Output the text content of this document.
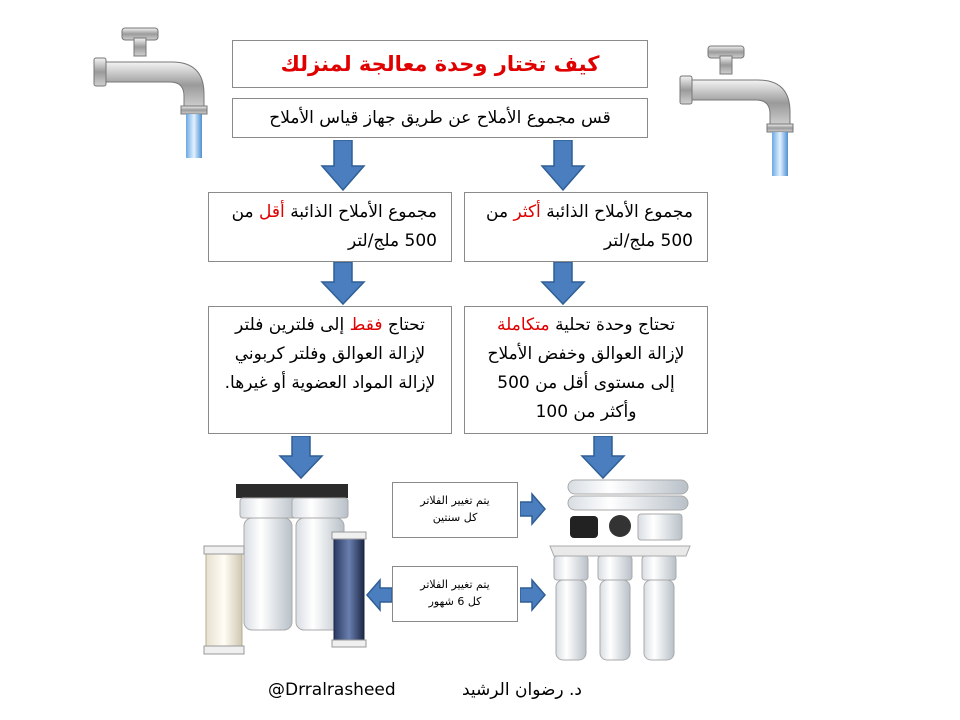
كيف تختار وحدة معالجة لمنزلك
قس مجموع الأملاح عن طريق جهاز قياس الأملاح
مجموع الأملاح الذائبة أقل من 500 ملج/لتر
مجموع الأملاح الذائبة أكثر من 500 ملج/لتر
تحتاج فقط إلى فلترين فلتر لإزالة العوالق وفلتر كربوني لإزالة المواد العضوية أو غيرها.
تحتاج وحدة تحلية متكاملة لإزالة العوالق وخفض الأملاح إلى مستوى أقل من 500 وأكثر من 100
يتم تغيير الفلاتر
كل سنتين
يتم تغيير الفلاتر
كل 6 شهور
@Drralrasheed	د. رضوان الرشيد
